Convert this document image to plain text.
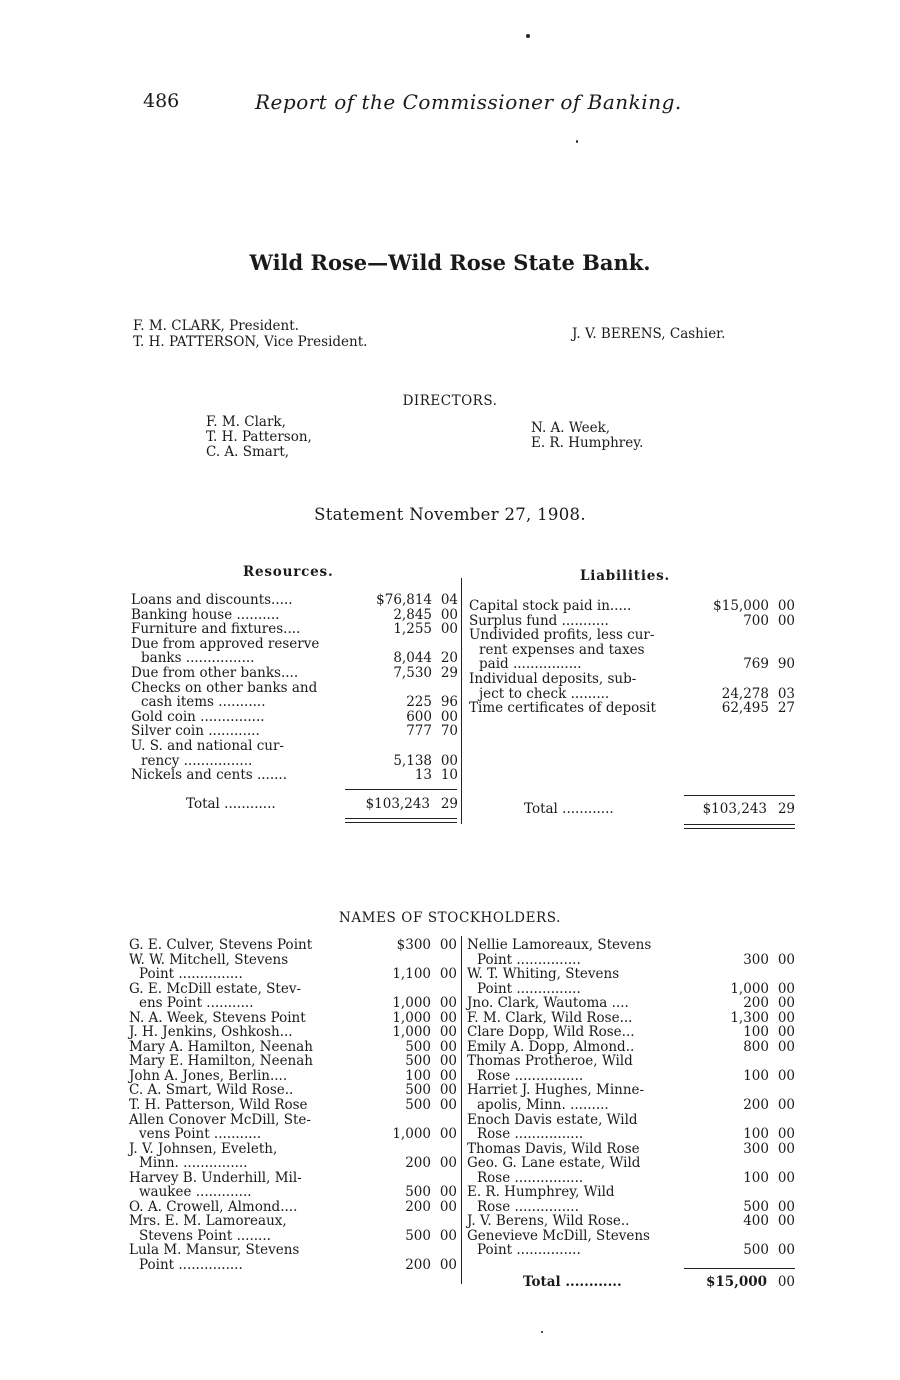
486	Report of the Commissioner of Banking.
Wild Rose—Wild Rose State Bank.
F. M. CLARK, President.
T. H. PATTERSON, Vice President.	J. V. BERENS, Cashier.
DIRECTORS.
F. M. Clark,
T. H. Patterson,
C. A. Smart,
N. A. Week,
E. R. Humphrey.
Statement November 27, 1908.
Resources.	Liabilities.
Loans and discounts.....	$76,814	04
Banking house ..........	2,845	00
Furniture and fixtures....	1,255	00
Due from approved reserve		
banks ................	8,044	20
Due from other banks....	7,530	29
Checks on other banks and		
cash items ...........	225	96
Gold coin ...............	600	00
Silver coin ............	777	70
U. S. and national cur-		
rency ................	5,138	00
Nickels and cents .......	13	10
Total ............	$103,243 29
Capital stock paid in.....	$15,000	00
Surplus fund ...........	700	00
Undivided profits, less cur-		
rent expenses and taxes		
paid ................	769	90
Individual deposits, sub-		
ject to check .........	24,278	03
Time certificates of deposit	62,495	27
Total ............	$103,243 29
NAMES OF STOCKHOLDERS.
G. E. Culver, Stevens Point	$300	00
W. W. Mitchell, Stevens		
Point ...............	1,100	00
G. E. McDill estate, Stev-		
ens Point ...........	1,000	00
N. A. Week, Stevens Point	1,000	00
J. H. Jenkins, Oshkosh...	1,000	00
Mary A. Hamilton, Neenah	500	00
Mary E. Hamilton, Neenah	500	00
John A. Jones, Berlin....	100	00
C. A. Smart, Wild Rose..	500	00
T. H. Patterson, Wild Rose	500	00
Allen Conover McDill, Ste-		
vens Point ...........	1,000	00
J. V. Johnsen, Eveleth,		
Minn. ...............	200	00
Harvey B. Underhill, Mil-		
waukee .............	500	00
O. A. Crowell, Almond....	200	00
Mrs. E. M. Lamoreaux,		
Stevens Point ........	500	00
Lula M. Mansur, Stevens		
Point ...............	200	00
Nellie Lamoreaux, Stevens		
Point ...............	300	00
W. T. Whiting, Stevens		
Point ...............	1,000	00
Jno. Clark, Wautoma ....	200	00
F. M. Clark, Wild Rose...	1,300	00
Clare Dopp, Wild Rose...	100	00
Emily A. Dopp, Almond..	800	00
Thomas Protheroe, Wild		
Rose ................	100	00
Harriet J. Hughes, Minne-		
apolis, Minn. .........	200	00
Enoch Davis estate, Wild		
Rose ................	100	00
Thomas Davis, Wild Rose	300	00
Geo. G. Lane estate, Wild		
Rose ................	100	00
E. R. Humphrey, Wild		
Rose ...............	500	00
J. V. Berens, Wild Rose..	400	00
Genevieve McDill, Stevens		
Point ...............	500	00
Total ............	$15,000 00
